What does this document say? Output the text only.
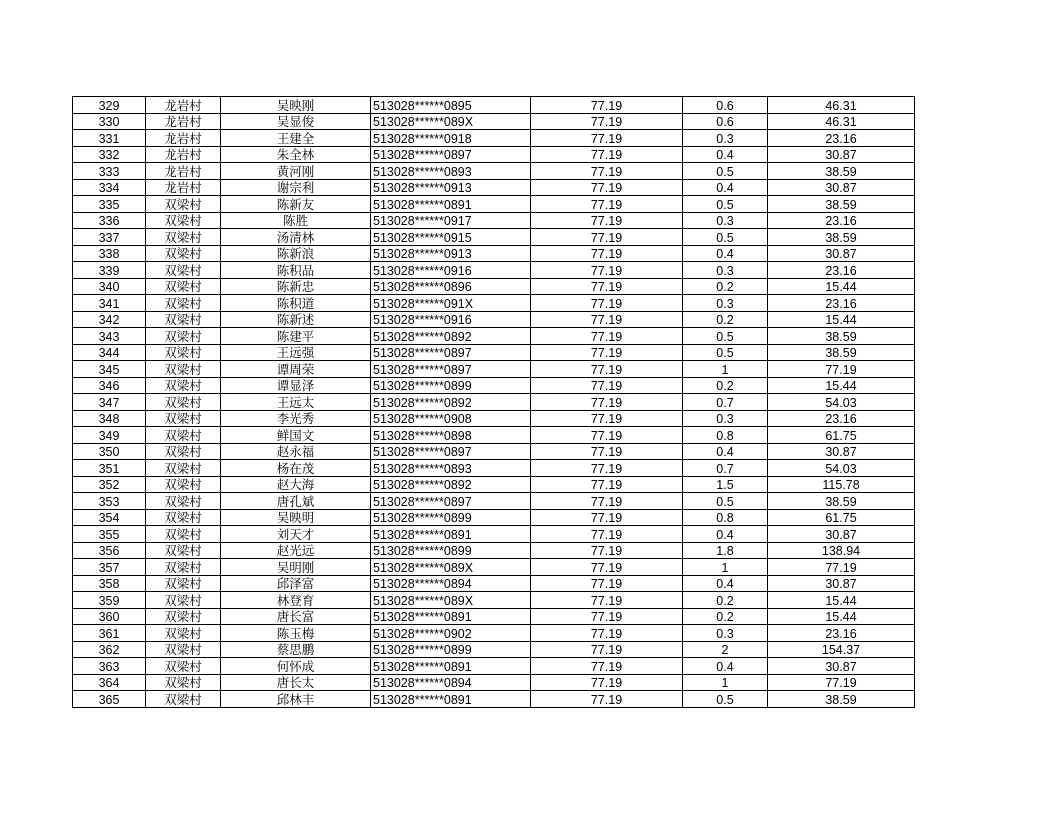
329	龙岩村	吴映刚	513028******0895	77.19	0.6	46.31
330	龙岩村	吴显俊	513028******089X	77.19	0.6	46.31
331	龙岩村	王建全	513028******0918	77.19	0.3	23.16
332	龙岩村	朱全林	513028******0897	77.19	0.4	30.87
333	龙岩村	黄河刚	513028******0893	77.19	0.5	38.59
334	龙岩村	谢宗利	513028******0913	77.19	0.4	30.87
335	双梁村	陈新友	513028******0891	77.19	0.5	38.59
336	双梁村	陈胜	513028******0917	77.19	0.3	23.16
337	双梁村	汤清林	513028******0915	77.19	0.5	38.59
338	双梁村	陈新浪	513028******0913	77.19	0.4	30.87
339	双梁村	陈积品	513028******0916	77.19	0.3	23.16
340	双梁村	陈新忠	513028******0896	77.19	0.2	15.44
341	双梁村	陈积道	513028******091X	77.19	0.3	23.16
342	双梁村	陈新述	513028******0916	77.19	0.2	15.44
343	双梁村	陈建平	513028******0892	77.19	0.5	38.59
344	双梁村	王远强	513028******0897	77.19	0.5	38.59
345	双梁村	谭周荣	513028******0897	77.19	1	77.19
346	双梁村	谭显泽	513028******0899	77.19	0.2	15.44
347	双梁村	王远太	513028******0892	77.19	0.7	54.03
348	双梁村	李光秀	513028******0908	77.19	0.3	23.16
349	双梁村	鲜国文	513028******0898	77.19	0.8	61.75
350	双梁村	赵永福	513028******0897	77.19	0.4	30.87
351	双梁村	杨在茂	513028******0893	77.19	0.7	54.03
352	双梁村	赵大海	513028******0892	77.19	1.5	115.78
353	双梁村	唐孔斌	513028******0897	77.19	0.5	38.59
354	双梁村	吴映明	513028******0899	77.19	0.8	61.75
355	双梁村	刘天才	513028******0891	77.19	0.4	30.87
356	双梁村	赵光远	513028******0899	77.19	1.8	138.94
357	双梁村	吴明刚	513028******089X	77.19	1	77.19
358	双梁村	邱泽富	513028******0894	77.19	0.4	30.87
359	双梁村	林登育	513028******089X	77.19	0.2	15.44
360	双梁村	唐长富	513028******0891	77.19	0.2	15.44
361	双梁村	陈玉梅	513028******0902	77.19	0.3	23.16
362	双梁村	蔡思鹏	513028******0899	77.19	2	154.37
363	双梁村	何怀成	513028******0891	77.19	0.4	30.87
364	双梁村	唐长太	513028******0894	77.19	1	77.19
365	双梁村	邱林丰	513028******0891	77.19	0.5	38.59
